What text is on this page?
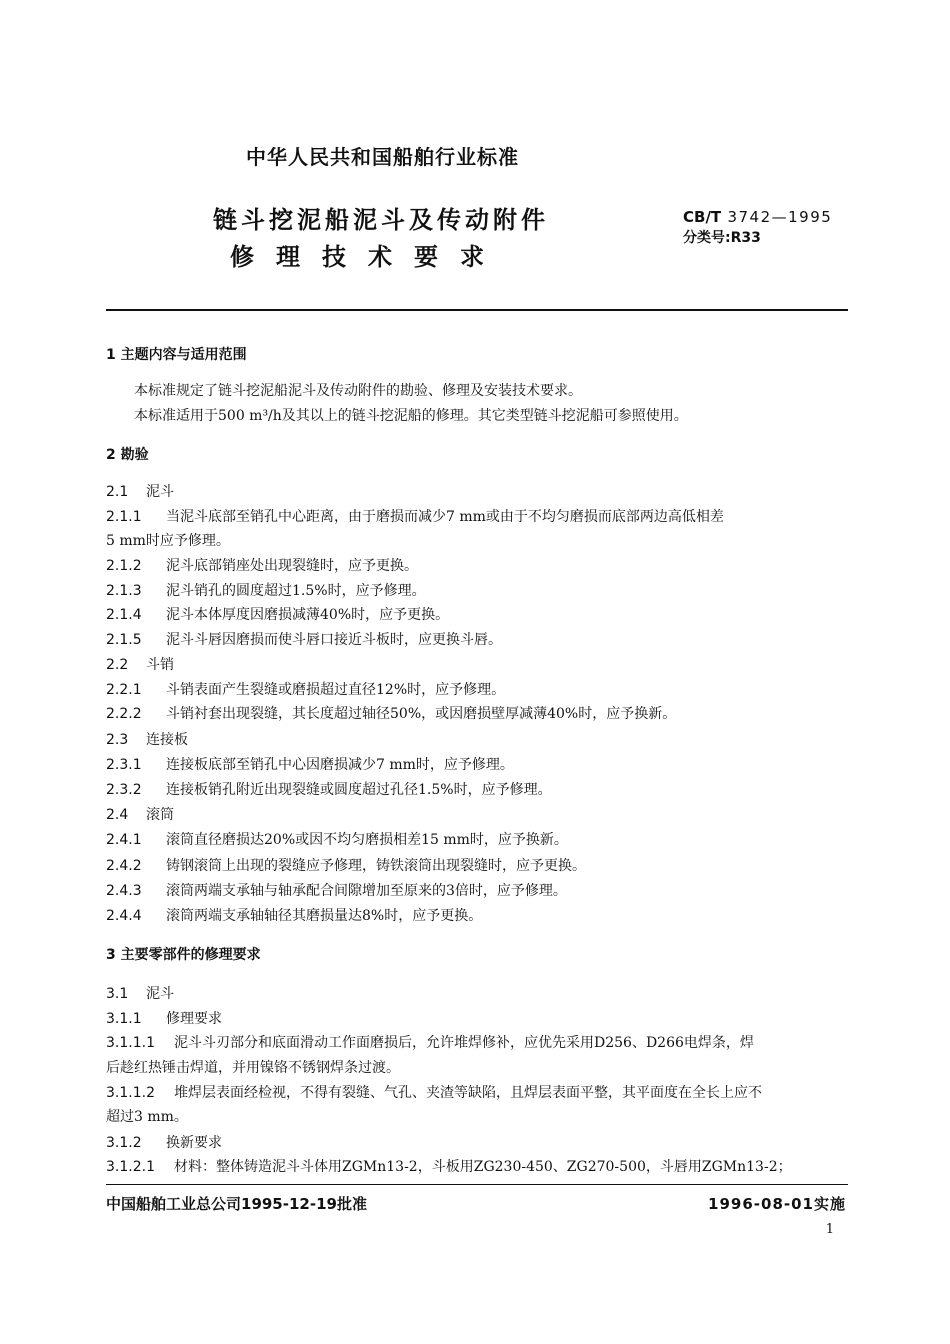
中华人民共和国船舶行业标准
链斗挖泥船泥斗及传动附件
修理技术要求
CB/T 3742—1995
分类号:R33
1 主题内容与适用范围
本标准规定了链斗挖泥船泥斗及传动附件的勘验、修理及安装技术要求。
本标准适用于500 m³/h及其以上的链斗挖泥船的修理。其它类型链斗挖泥船可参照使用。
2 勘验
2.1 泥斗
2.1.1 当泥斗底部至销孔中心距离，由于磨损而减少7 mm或由于不均匀磨损而底部两边高低相差
5 mm时应予修理。
2.1.2 泥斗底部销座处出现裂缝时，应予更换。
2.1.3 泥斗销孔的圆度超过1.5%时，应予修理。
2.1.4 泥斗本体厚度因磨损减薄40%时，应予更换。
2.1.5 泥斗斗唇因磨损而使斗唇口接近斗板时，应更换斗唇。
2.2 斗销
2.2.1 斗销表面产生裂缝或磨损超过直径12%时，应予修理。
2.2.2 斗销衬套出现裂缝，其长度超过轴径50%，或因磨损壁厚减薄40%时，应予换新。
2.3 连接板
2.3.1 连接板底部至销孔中心因磨损减少7 mm时，应予修理。
2.3.2 连接板销孔附近出现裂缝或圆度超过孔径1.5%时，应予修理。
2.4 滚筒
2.4.1 滚筒直径磨损达20%或因不均匀磨损相差15 mm时，应予换新。
2.4.2 铸钢滚筒上出现的裂缝应予修理，铸铁滚筒出现裂缝时，应予更换。
2.4.3 滚筒两端支承轴与轴承配合间隙增加至原来的3倍时，应予修理。
2.4.4 滚筒两端支承轴轴径其磨损量达8%时，应予更换。
3 主要零部件的修理要求
3.1 泥斗
3.1.1 修理要求
3.1.1.1 泥斗斗刃部分和底面滑动工作面磨损后，允许堆焊修补，应优先采用D256、D266电焊条，焊
后趁红热锤击焊道，并用镍铬不锈钢焊条过渡。
3.1.1.2 堆焊层表面经检视，不得有裂缝、气孔、夹渣等缺陷，且焊层表面平整，其平面度在全长上应不
超过3 mm。
3.1.2 换新要求
3.1.2.1 材料：整体铸造泥斗斗体用ZGMn13-2，斗板用ZG230-450、ZG270-500，斗唇用ZGMn13-2；
中国船舶工业总公司1995-12-19批准	1996-08-01实施
1
